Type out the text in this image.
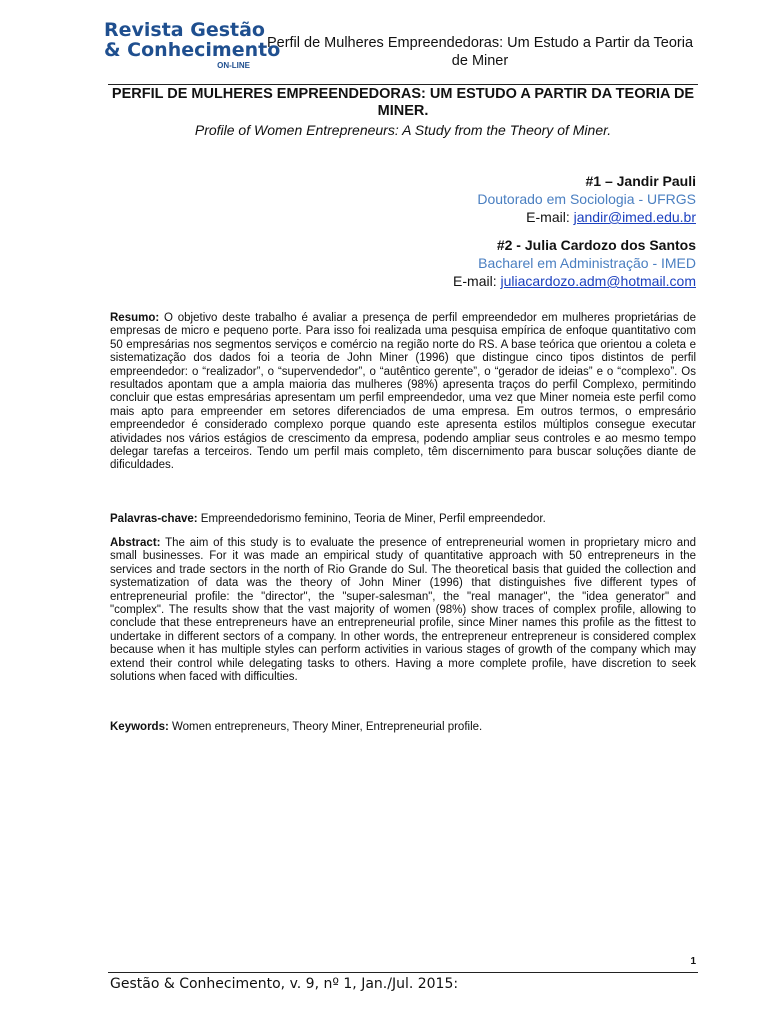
Revista Gestão
& Conhecimento
ON-LINE
Perfil de Mulheres Empreendedoras: Um Estudo a Partir da Teoria de Miner
PERFIL DE MULHERES EMPREENDEDORAS: UM ESTUDO A PARTIR DA TEORIA DE MINER.
Profile of Women Entrepreneurs: A Study from the Theory of Miner.
#1 – Jandir Pauli
Doutorado em Sociologia - UFRGS
E-mail: jandir@imed.edu.br
#2 - Julia Cardozo dos Santos
Bacharel em Administração - IMED
E-mail: juliacardozo.adm@hotmail.com
Resumo: O objetivo deste trabalho é avaliar a presença de perfil empreendedor em mulheres proprietárias de empresas de micro e pequeno porte. Para isso foi realizada uma pesquisa empírica de enfoque quantitativo com 50 empresárias nos segmentos serviços e comércio na região norte do RS. A base teórica que orientou a coleta e sistematização dos dados foi a teoria de John Miner (1996) que distingue cinco tipos distintos de perfil empreendedor: o “realizador”, o “supervendedor”, o “autêntico gerente”, o “gerador de ideias” e o “complexo”. Os resultados apontam que a ampla maioria das mulheres (98%) apresenta traços do perfil Complexo, permitindo concluir que estas empresárias apresentam um perfil empreendedor, uma vez que Miner nomeia este perfil como mais apto para empreender em setores diferenciados de uma empresa. Em outros termos, o empresário empreendedor é considerado complexo porque quando este apresenta estilos múltiplos consegue executar atividades nos vários estágios de crescimento da empresa, podendo ampliar seus controles e ao mesmo tempo delegar tarefas a terceiros. Tendo um perfil mais completo, têm discernimento para buscar soluções diante de dificuldades.
Palavras-chave: Empreendedorismo feminino, Teoria de Miner, Perfil empreendedor.
Abstract: The aim of this study is to evaluate the presence of entrepreneurial women in proprietary micro and small businesses. For it was made an empirical study of quantitative approach with 50 entrepreneurs in the services and trade sectors in the north of Rio Grande do Sul. The theoretical basis that guided the collection and systematization of data was the theory of John Miner (1996) that distinguishes five different types of entrepreneurial profile: the "director", the "super-salesman", the "real manager", the "idea generator" and "complex". The results show that the vast majority of women (98%) show traces of complex profile, allowing to conclude that these entrepreneurs have an entrepreneurial profile, since Miner names this profile as the fittest to undertake in different sectors of a company. In other words, the entrepreneur entrepreneur is considered complex because when it has multiple styles can perform activities in various stages of growth of the company which may extend their control while delegating tasks to others. Having a more complete profile, have discretion to seek solutions when faced with difficulties.
Keywords: Women entrepreneurs, Theory Miner, Entrepreneurial profile.
1
Gestão & Conhecimento, v. 9, nº 1, Jan./Jul. 2015:
